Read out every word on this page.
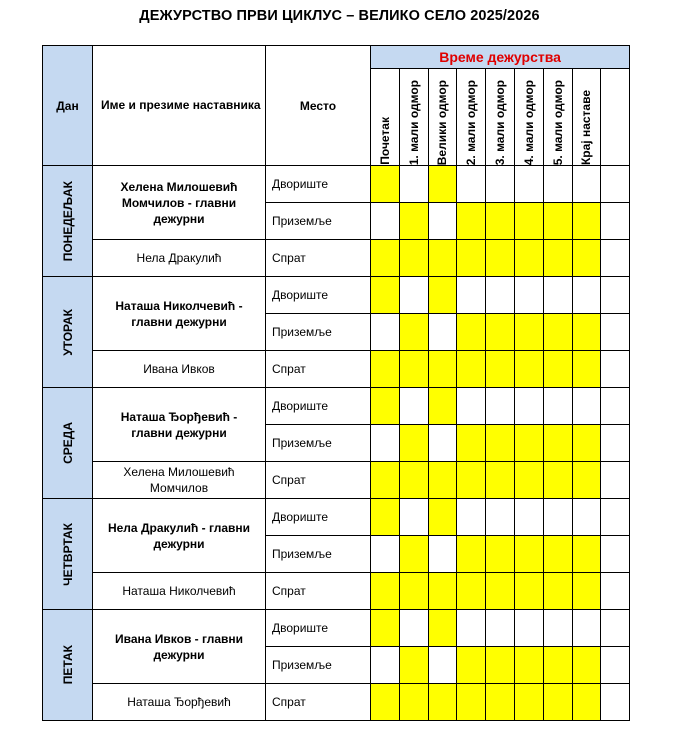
ДЕЖУРСТВО ПРВИ ЦИКЛУС – ВЕЛИКО СЕЛО 2025/2026
Дан	Име и презиме наставника	Место	Време дежурства								

			Почетак	1. мали одмор	Велики одмор	2. мали одмор	3. мали одмор	4. мали одмор	5. мали одмор	Крај наставе	

ПОНЕДЕЉАК	Хелена Милошевић Момчилов - главни дежурни	Двориште									
		Приземље									
	Нела Дракулић	Спрат									

УТОРАК	Наташа Николчевић - главни дежурни	Двориште									
		Приземље									
	Ивана Ивков	Спрат									

СРЕДА	Наташа Ђорђевић - главни дежурни	Двориште									
		Приземље									
	Хелена Милошевић Момчилов	Спрат									

ЧЕТВРТАК	Нела Дракулић - главни дежурни	Двориште									
		Приземље									
	Наташа Николчевић	Спрат									

ПЕТАК	Ивана Ивков - главни дежурни	Двориште									
		Приземље									
	Наташа Ђорђевић	Спрат									
